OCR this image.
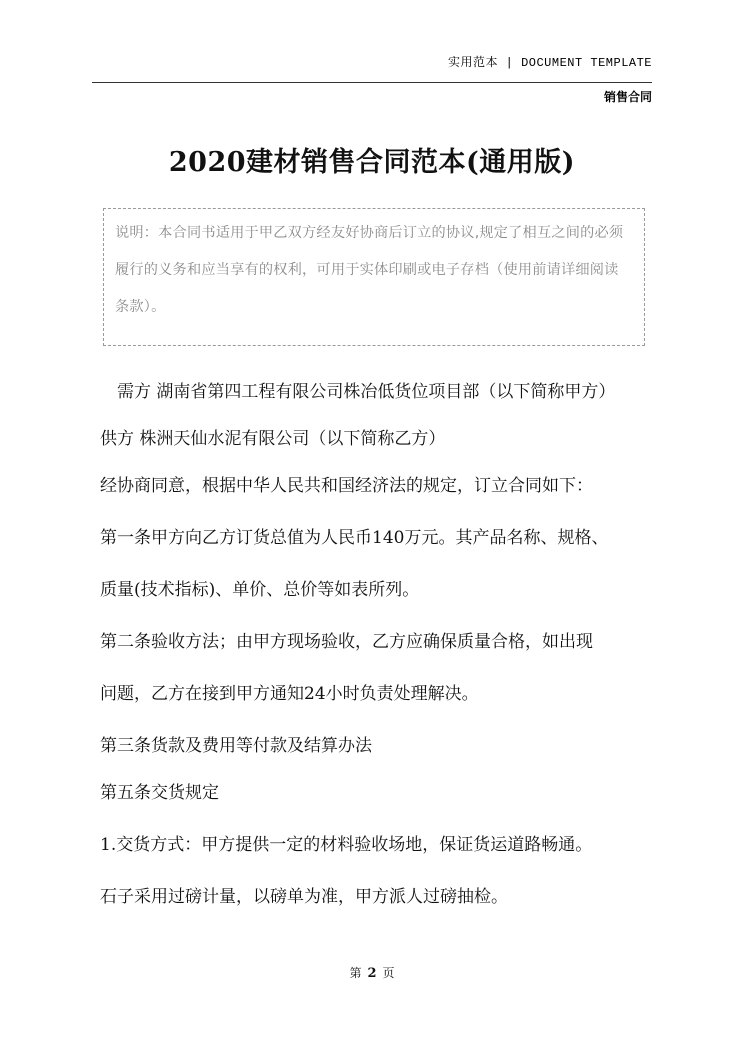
实用范本 | DOCUMENT TEMPLATE
销售合同
2020建材销售合同范本(通用版)
说明：本合同书适用于甲乙双方经友好协商后订立的协议,规定了相互之间的必须履行的义务和应当享有的权利，可用于实体印刷或电子存档（使用前请详细阅读条款）。
　需方 湖南省第四工程有限公司株冶低货位项目部（以下简称甲方）
供方 株洲天仙水泥有限公司（以下简称乙方）
经协商同意，根据中华人民共和国经济法的规定，订立合同如下：
第一条甲方向乙方订货总值为人民币140万元。其产品名称、规格、
质量(技术指标)、单价、总价等如表所列。
第二条验收方法；由甲方现场验收，乙方应确保质量合格，如出现
问题，乙方在接到甲方通知24小时负责处理解决。
第三条货款及费用等付款及结算办法
第五条交货规定
1.交货方式：甲方提供一定的材料验收场地，保证货运道路畅通。
石子采用过磅计量，以磅单为准，甲方派人过磅抽检。
第 2 页
